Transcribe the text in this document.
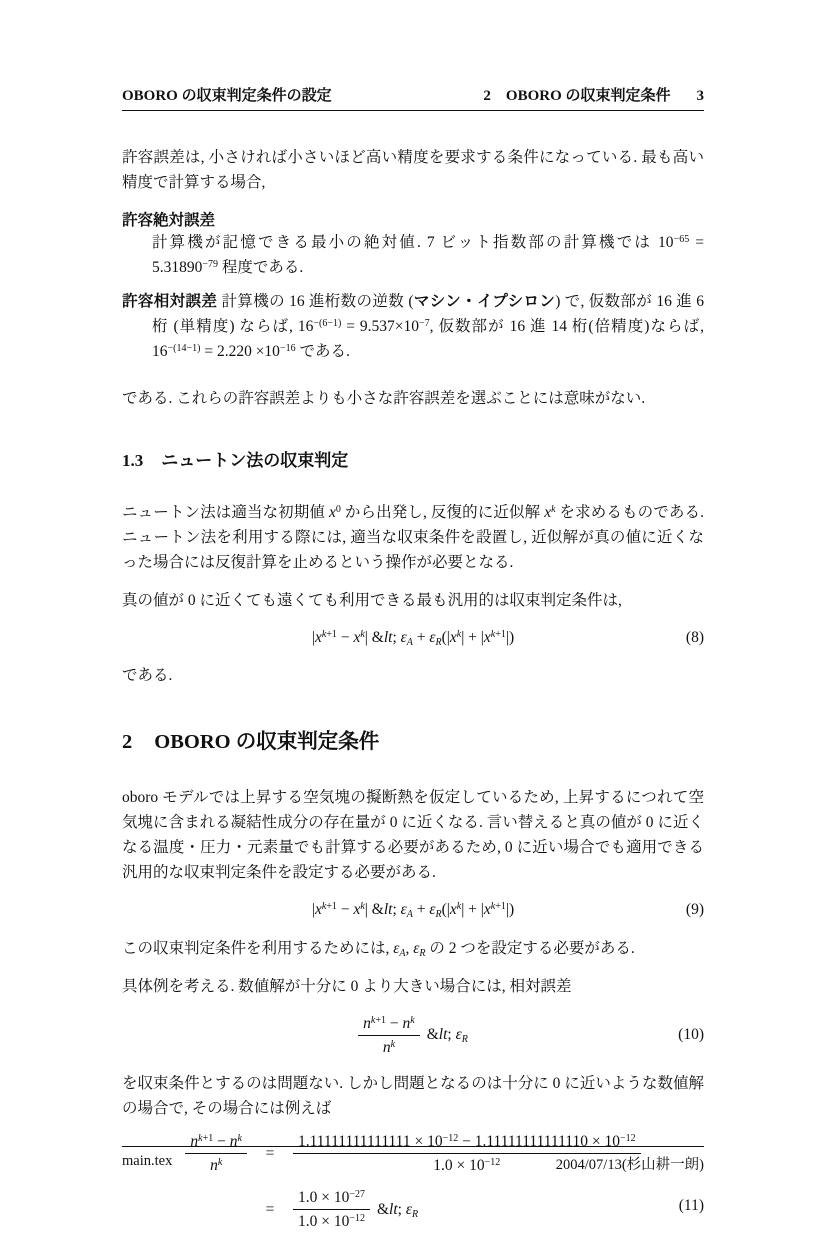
OBORO の収束判定条件の設定	2　OBORO の収束判定条件 3

許容誤差は, 小さければ小さいほど高い精度を要求する条件になっている. 最も高い精度で計算する場合,

許容絶対誤差
計算機が記憶できる最小の絶対値. 7 ビット指数部の計算機では $10^{-65} = 5.31890^{-79}$ 程度である.
許容相対誤差 計算機の 16 進桁数の逆数 (マシン・イプシロン) で, 仮数部が 16 進 6 桁 (単精度) ならば, $16^{-(6-1)} = 9.537\times 10^{-7}$, 仮数部が 16 進 14 桁(倍精度)ならば, $16^{-(14-1)} = 2.220 \times 10^{-16}$ である.

である. これらの許容誤差よりも小さな許容誤差を選ぶことには意味がない.

1.3 ニュートン法の収束判定

ニュートン法は適当な初期値 $x^0$ から出発し, 反復的に近似解 $x^k$ を求めるものである. ニュートン法を利用する際には, 適当な収束条件を設置し, 近似解が真の値に近くなった場合には反復計算を止めるという操作が必要となる.

真の値が 0 に近くても遠くても利用できる最も汎用的は収束判定条件は,

$|x^{k+1} - x^k|$ &lt; $\varepsilon_A + \varepsilon_R(|x^k| + |x^{k+1}|)$	(8)

である.

2 OBORO の収束判定条件

oboro モデルでは上昇する空気塊の擬断熱を仮定しているため, 上昇するにつれて空気塊に含まれる凝結性成分の存在量が 0 に近くなる. 言い替えると真の値が 0 に近くなる温度・圧力・元素量でも計算する必要があるため, 0 に近い場合でも適用できる汎用的な収束判定条件を設定する必要がある.

$|x^{k+1} - x^k|$ &lt; $\varepsilon_A + \varepsilon_R(|x^k| + |x^{k+1}|)$	(9)

この収束判定条件を利用するためには, $\varepsilon_A$, $\varepsilon_R$ の 2 つを設定する必要がある.

具体例を考える. 数値解が十分に 0 より大きい場合には, 相対誤差

$\frac{n^{k+1} - n^k}{n^k}$ &lt; $\varepsilon_R$	(10)

を収束条件とするのは問題ない. しかし問題となるのは十分に 0 に近いような数値解の場合で, その場合には例えば

$\frac{n^{k+1} - n^k}{n^k}$	=	$\frac{1.11111111111111 \times 10^{-12} - 1.11111111111110 \times 10^{-12}}{1.0 \times 10^{-12}}$
=	$\frac{1.0 \times 10^{-27}}{1.0 \times 10^{-12}}$ &lt; $\varepsilon_R$	(11)
main.tex	2004/07/13(杉山耕一朗)
